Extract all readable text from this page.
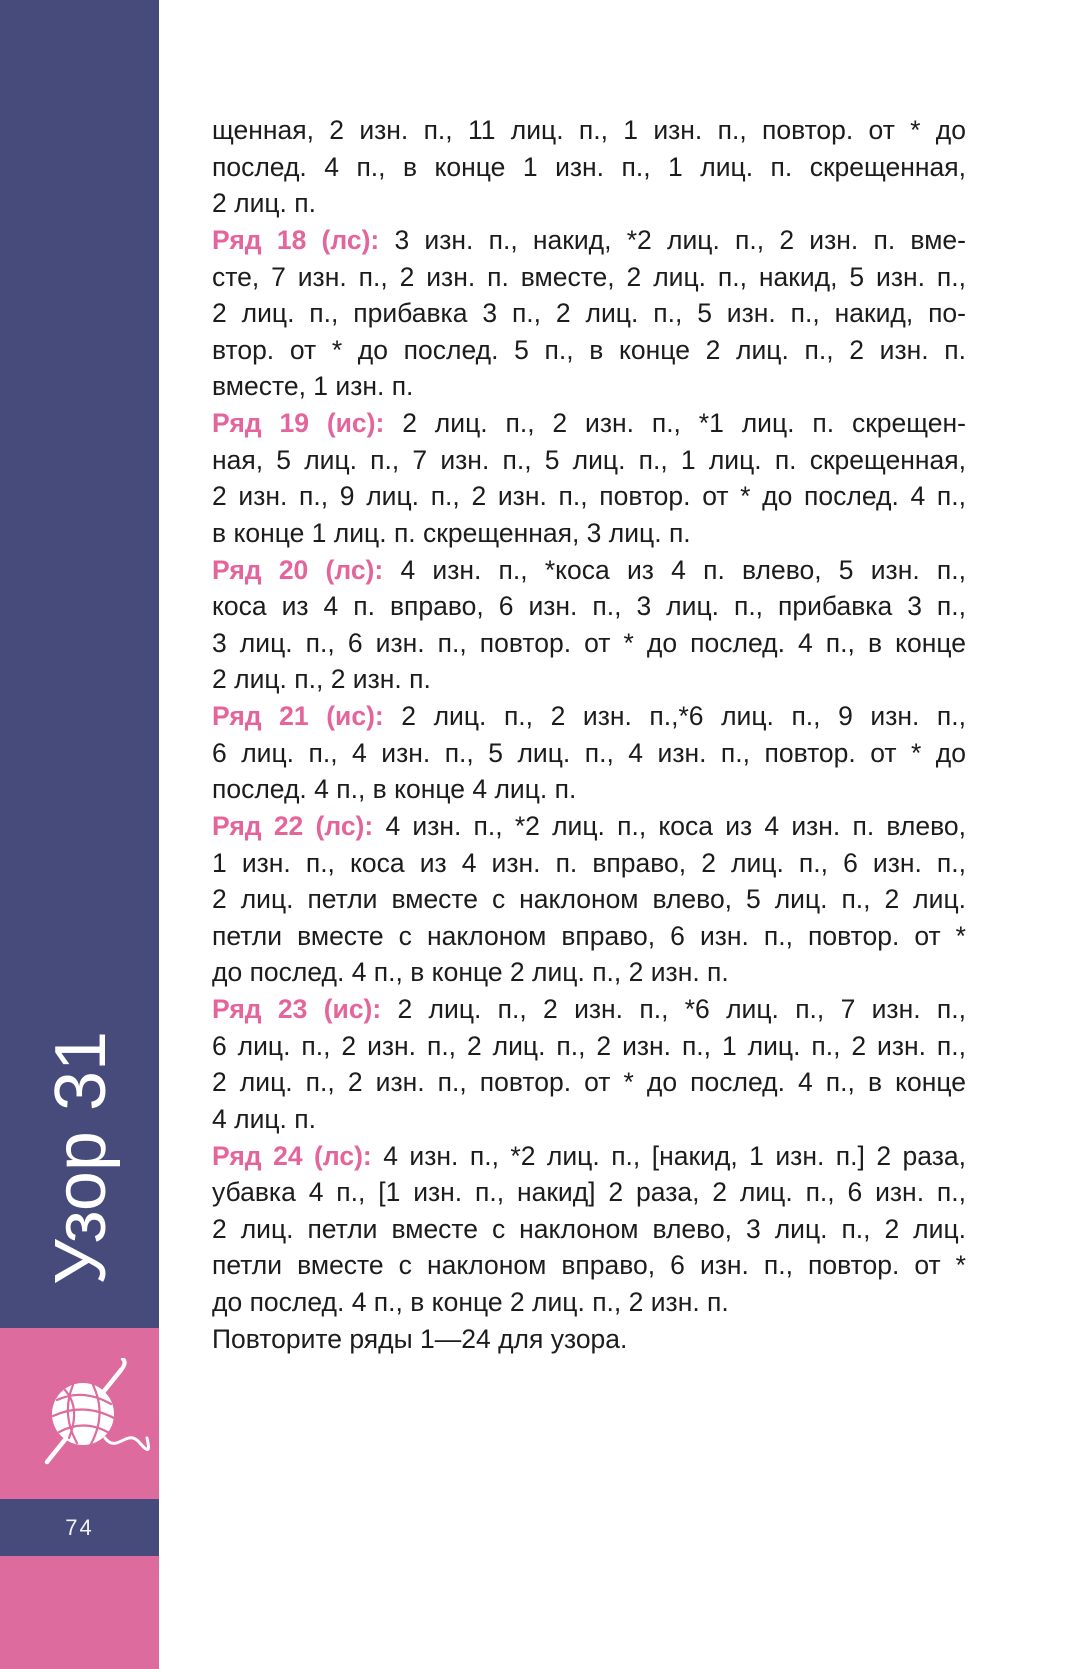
Узор 31
74
щенная, 2 изн. п., 11 лиц. п., 1 изн. п., повтор. от * до
послед. 4 п., в конце 1 изн. п., 1 лиц. п. скрещенная,
2 лиц. п.
Ряд 18 (лс): 3 изн. п., накид, *2 лиц. п., 2 изн. п. вме-
сте, 7 изн. п., 2 изн. п. вместе, 2 лиц. п., накид, 5 изн. п.,
2 лиц. п., прибавка 3 п., 2 лиц. п., 5 изн. п., накид, по-
втор. от * до послед. 5 п., в конце 2 лиц. п., 2 изн. п.
вместе, 1 изн. п.
Ряд 19 (ис): 2 лиц. п., 2 изн. п., *1 лиц. п. скрещен-
ная, 5 лиц. п., 7 изн. п., 5 лиц. п., 1 лиц. п. скрещенная,
2 изн. п., 9 лиц. п., 2 изн. п., повтор. от * до послед. 4 п.,
в конце 1 лиц. п. скрещенная, 3 лиц. п.
Ряд 20 (лс): 4 изн. п., *коса из 4 п. влево, 5 изн. п.,
коса из 4 п. вправо, 6 изн. п., 3 лиц. п., прибавка 3 п.,
3 лиц. п., 6 изн. п., повтор. от * до послед. 4 п., в конце
2 лиц. п., 2 изн. п.
Ряд 21 (ис): 2 лиц. п., 2 изн. п.,*6 лиц. п., 9 изн. п.,
6 лиц. п., 4 изн. п., 5 лиц. п., 4 изн. п., повтор. от * до
послед. 4 п., в конце 4 лиц. п.
Ряд 22 (лс): 4 изн. п., *2 лиц. п., коса из 4 изн. п. влево,
1 изн. п., коса из 4 изн. п. вправо, 2 лиц. п., 6 изн. п.,
2 лиц. петли вместе с наклоном влево, 5 лиц. п., 2 лиц.
петли вместе с наклоном вправо, 6 изн. п., повтор. от *
до послед. 4 п., в конце 2 лиц. п., 2 изн. п.
Ряд 23 (ис): 2 лиц. п., 2 изн. п., *6 лиц. п., 7 изн. п.,
6 лиц. п., 2 изн. п., 2 лиц. п., 2 изн. п., 1 лиц. п., 2 изн. п.,
2 лиц. п., 2 изн. п., повтор. от * до послед. 4 п., в конце
4 лиц. п.
Ряд 24 (лс): 4 изн. п., *2 лиц. п., [накид, 1 изн. п.] 2 раза,
убавка 4 п., [1 изн. п., накид] 2 раза, 2 лиц. п., 6 изн. п.,
2 лиц. петли вместе с наклоном влево, 3 лиц. п., 2 лиц.
петли вместе с наклоном вправо, 6 изн. п., повтор. от *
до послед. 4 п., в конце 2 лиц. п., 2 изн. п.
Повторите ряды 1—24 для узора.
